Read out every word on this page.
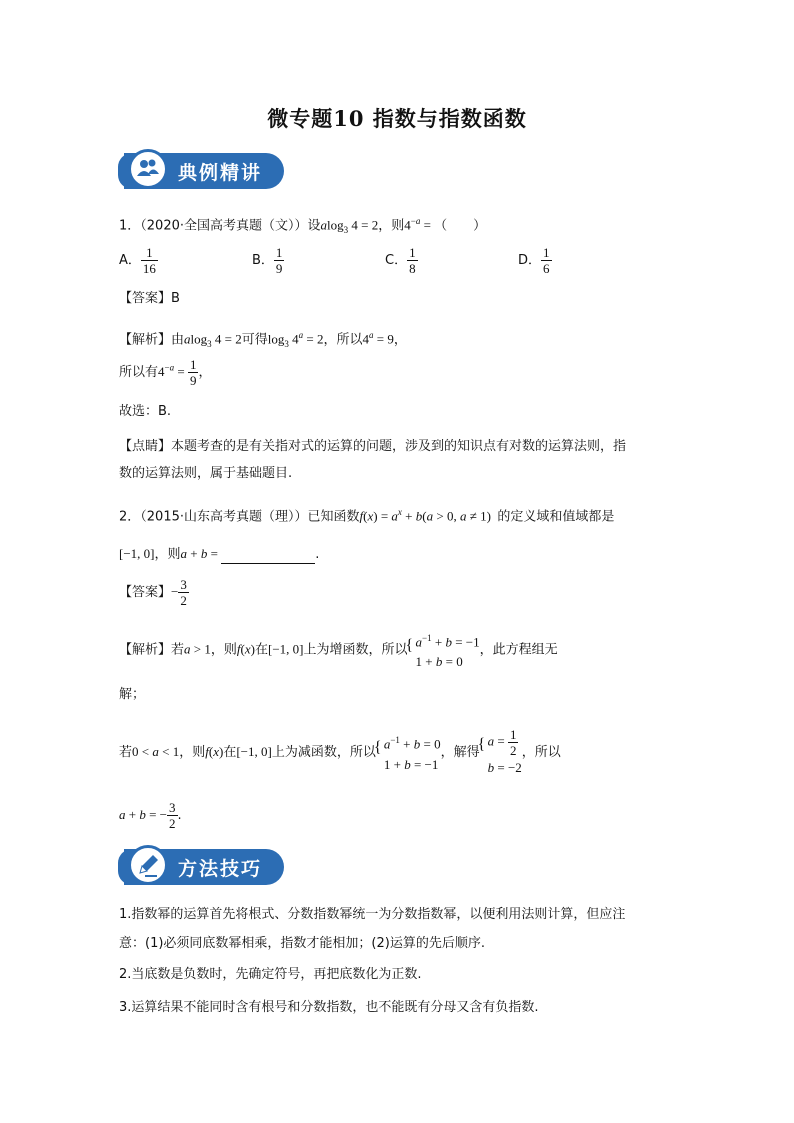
微专题10 指数与指数函数
典例精讲
1．（2020·全国高考真题（文））设alog$_3$ 4 = 2，则$4^{-a}$ = （　　）
A． $\frac{1}{16}$	B． $\frac{1}{9}$	C． $\frac{1}{8}$	D． $\frac{1}{6}$
【答案】B
【解析】由alog$_3$ 4 = 2可得$\log_3 4^a = 2$，所以$4^a = 9$，
所以有$4^{-a} = \frac{1}{9}$ ，
故选：B.
【点睛】本题考查的是有关指对式的运算的问题，涉及到的知识点有对数的运算法则，指
数的运算法则，属于基础题目.
2．（2015·山东高考真题（理））已知函数$f(x) = a^x + b(a > 0$, a ≠ 1)  的定义域和值域都是
[−1, 0]，则a + b =	.
【答案】− $\frac{3}{2}$
【解析】若a > 1，则f(x)在[−1, 0]上为增函数，所以
{ $a^{-1} + b = -1$
1 + b = 0
，此方程组无
解；
若0 < a < 1，则f(x)在[−1, 0]上为减函数，所以
{ $a^{-1} + b = 0$
1 + b = −1
，解得
{ $a = \frac{1}{2}$
b = −2
，所以
a + b = − $\frac{3}{2}$ .
方法技巧
1.指数幂的运算首先将根式、分数指数幂统一为分数指数幂，以便利用法则计算，但应注
意：(1)必须同底数幂相乘，指数才能相加；(2)运算的先后顺序.
2.当底数是负数时，先确定符号，再把底数化为正数.
3.运算结果不能同时含有根号和分数指数，也不能既有分母又含有负指数.
